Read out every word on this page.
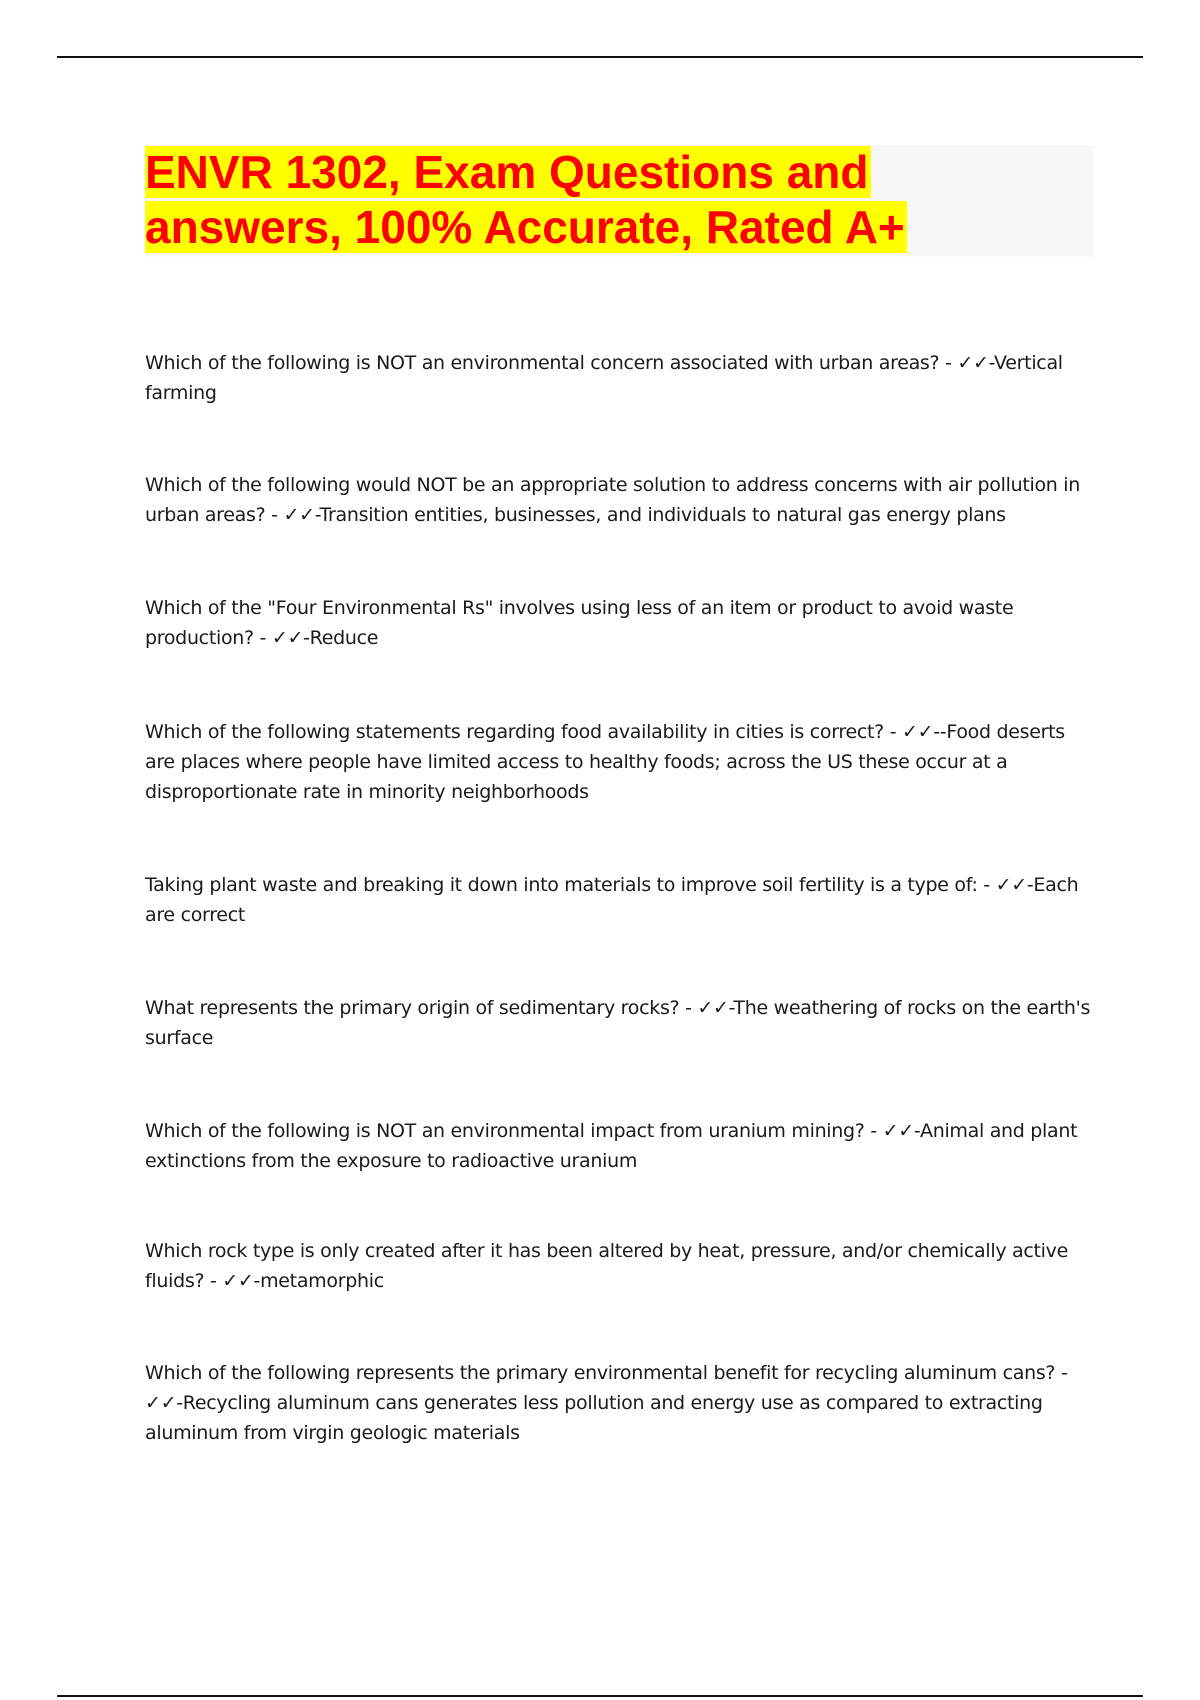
ENVR 1302, Exam Questions and
answers, 100% Accurate, Rated A+

Which of the following is NOT an environmental concern associated with urban areas? - ✓✓-Vertical farming

Which of the following would NOT be an appropriate solution to address concerns with air pollution in urban areas? - ✓✓-Transition entities, businesses, and individuals to natural gas energy plans

Which of the "Four Environmental Rs" involves using less of an item or product to avoid waste production? - ✓✓-Reduce

Which of the following statements regarding food availability in cities is correct? - ✓✓--Food deserts are places where people have limited access to healthy foods; across the US these occur at a disproportionate rate in minority neighborhoods

Taking plant waste and breaking it down into materials to improve soil fertility is a type of: - ✓✓-Each are correct

What represents the primary origin of sedimentary rocks? - ✓✓-The weathering of rocks on the earth's surface

Which of the following is NOT an environmental impact from uranium mining? - ✓✓-Animal and plant extinctions from the exposure to radioactive uranium

Which rock type is only created after it has been altered by heat, pressure, and/or chemically active fluids? - ✓✓-metamorphic

Which of the following represents the primary environmental benefit for recycling aluminum cans? - ✓✓-Recycling aluminum cans generates less pollution and energy use as compared to extracting aluminum from virgin geologic materials
